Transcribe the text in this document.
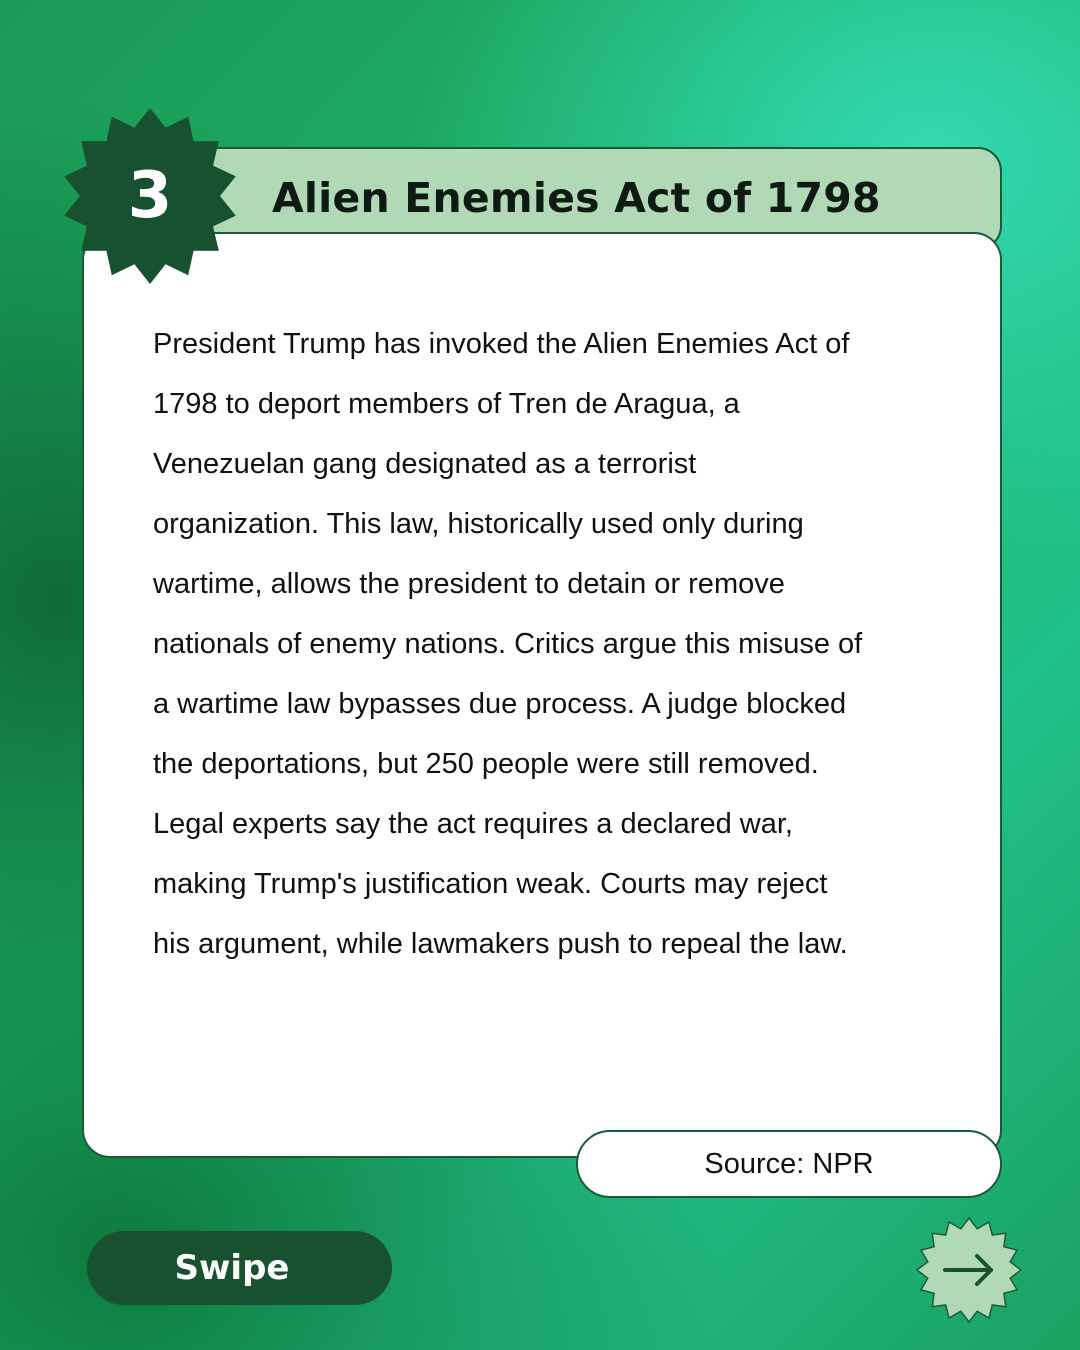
Alien Enemies Act of 1798
President Trump has invoked the Alien Enemies Act of
1798 to deport members of Tren de Aragua, a
Venezuelan gang designated as a terrorist
organization. This law, historically used only during
wartime, allows the president to detain or remove
nationals of enemy nations. Critics argue this misuse of
a wartime law bypasses due process. A judge blocked
the deportations, but 250 people were still removed.
Legal experts say the act requires a declared war,
making Trump's justification weak. Courts may reject
his argument, while lawmakers push to repeal the law.
Source: NPR
3
Swipe
